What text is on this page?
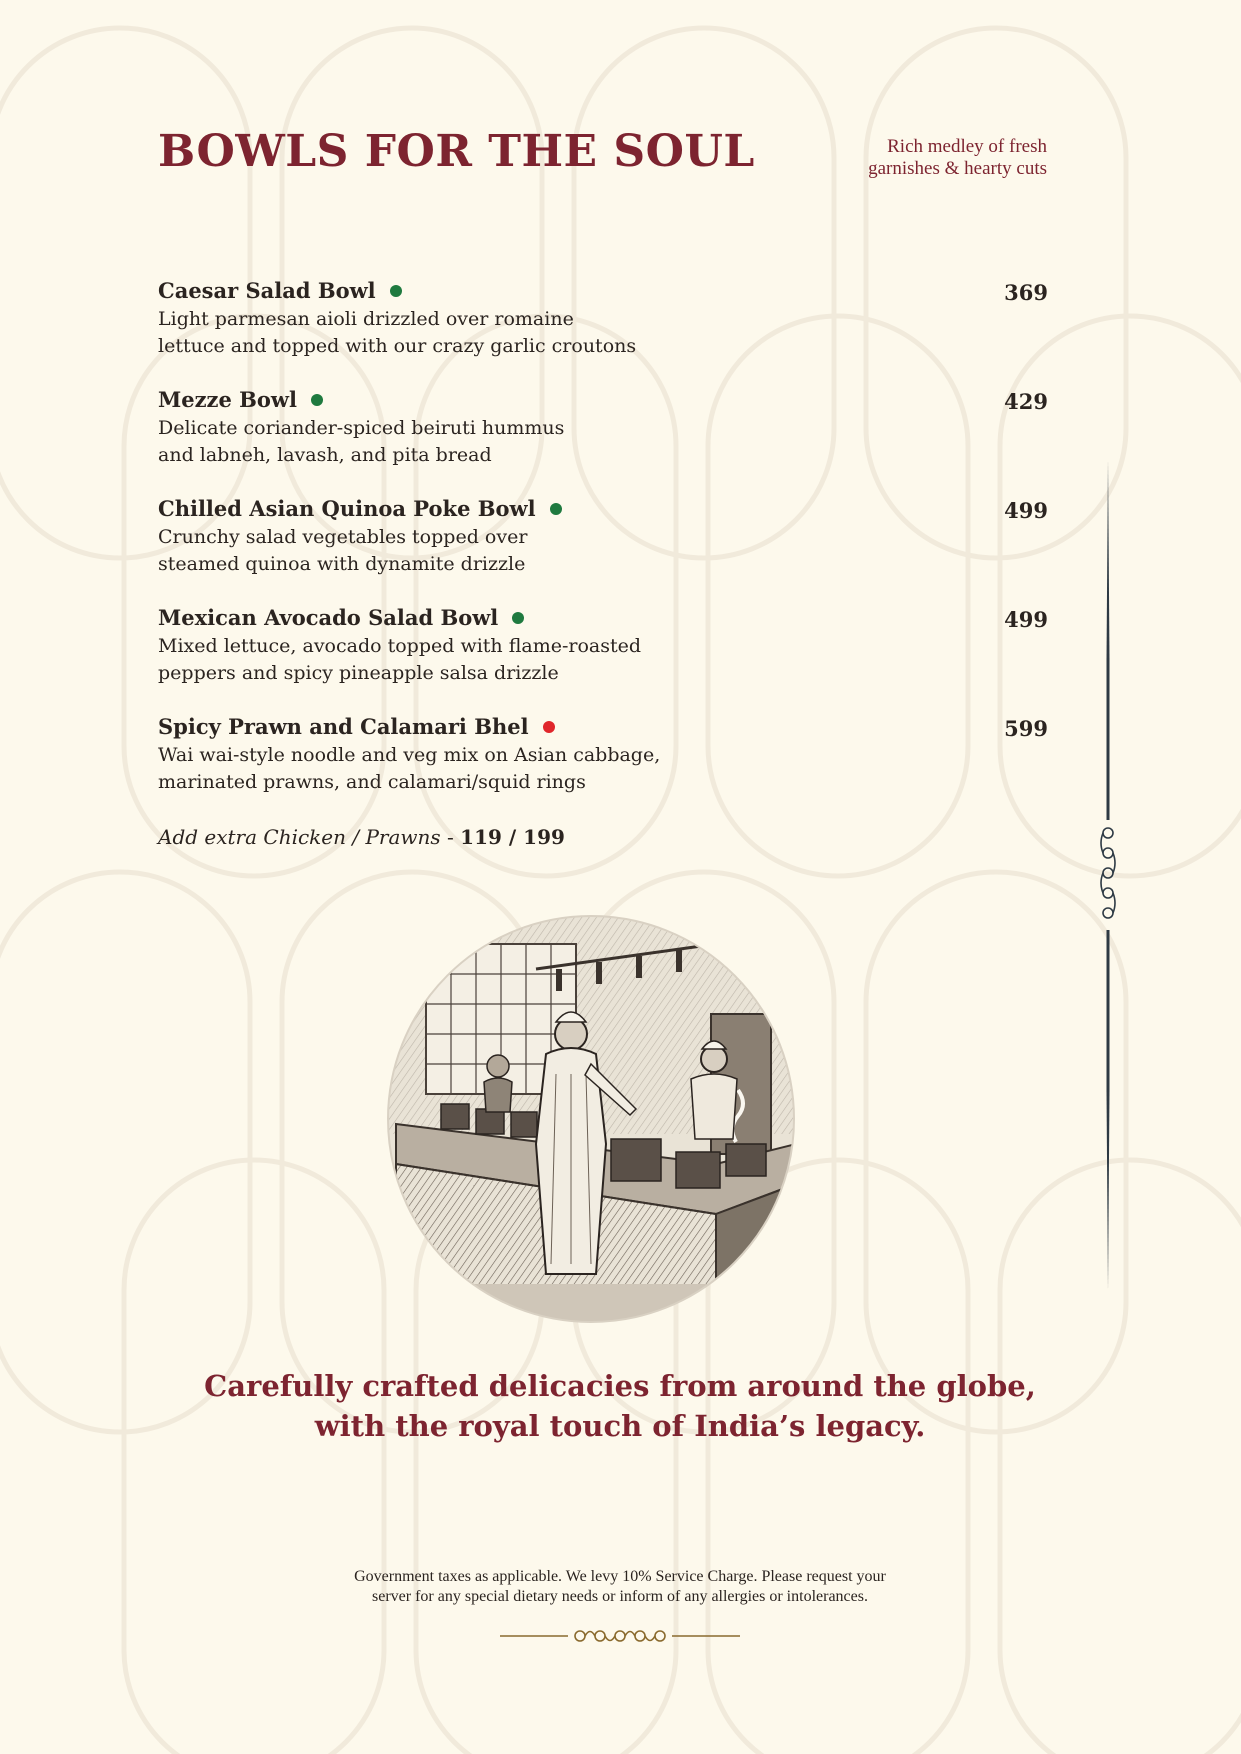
BOWLS FOR THE SOUL	Rich medley of fresh
garnishes & hearty cuts
Caesar Salad Bowl	369
Light parmesan aioli drizzled over romaine
lettuce and topped with our crazy garlic croutons
Mezze Bowl	429
Delicate coriander-spiced beiruti hummus
and labneh, lavash, and pita bread
Chilled Asian Quinoa Poke Bowl	499
Crunchy salad vegetables topped over
steamed quinoa with dynamite drizzle
Mexican Avocado Salad Bowl	499
Mixed lettuce, avocado topped with flame-roasted
peppers and spicy pineapple salsa drizzle
Spicy Prawn and Calamari Bhel	599
Wai wai-style noodle and veg mix on Asian cabbage,
marinated prawns, and calamari/squid rings
Add extra Chicken / Prawns - 119 / 199
Carefully crafted delicacies from around the globe,
with the royal touch of India’s legacy.
Government taxes as applicable. We levy 10% Service Charge. Please request your
server for any special dietary needs or inform of any allergies or intolerances.
